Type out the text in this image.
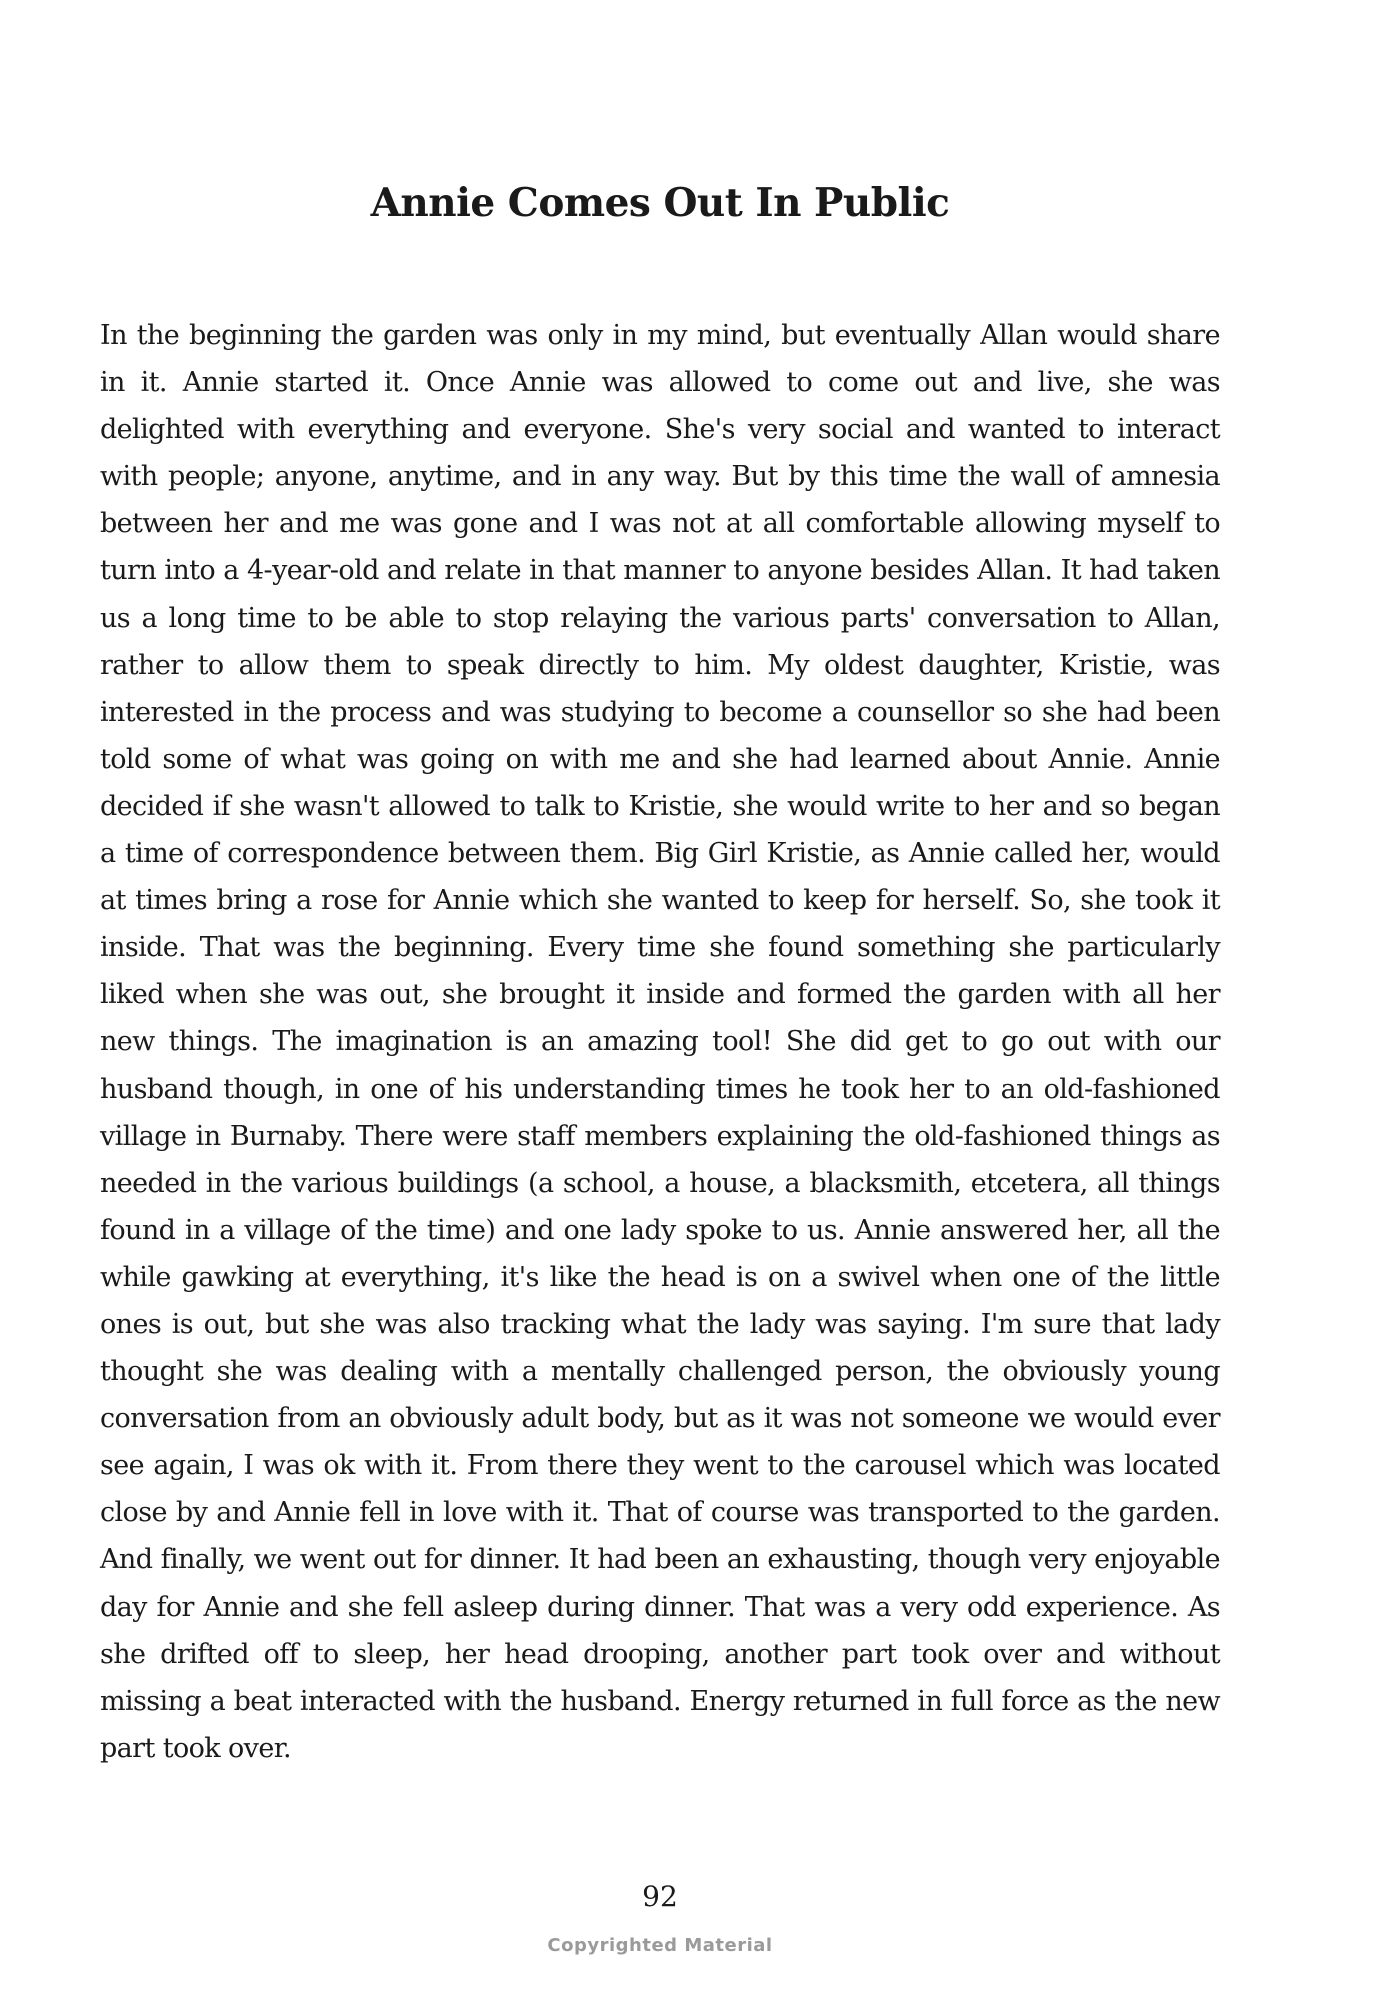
Annie Comes Out In Public

In the beginning the garden was only in my mind, but eventually Allan would share in it. Annie started it. Once Annie was allowed to come out and live, she was delighted with everything and everyone. She's very social and wanted to interact with people; anyone, anytime, and in any way. But by this time the wall of amnesia between her and me was gone and I was not at all comfortable allowing myself to turn into a 4-year-old and relate in that manner to anyone besides Allan. It had taken us a long time to be able to stop relaying the various parts' conversation to Allan, rather to allow them to speak directly to him. My oldest daughter, Kristie, was interested in the process and was studying to become a counsellor so she had been told some of what was going on with me and she had learned about Annie. Annie decided if she wasn't allowed to talk to Kristie, she would write to her and so began a time of correspondence between them. Big Girl Kristie, as Annie called her, would at times bring a rose for Annie which she wanted to keep for herself. So, she took it inside. That was the beginning. Every time she found something she particularly liked when she was out, she brought it inside and formed the garden with all her new things. The imagination is an amazing tool! She did get to go out with our husband though, in one of his understanding times he took her to an old-fashioned village in Burnaby. There were staff members explaining the old-fashioned things as needed in the various buildings (a school, a house, a blacksmith, etcetera, all things found in a village of the time) and one lady spoke to us. Annie answered her, all the while gawking at everything, it's like the head is on a swivel when one of the little ones is out, but she was also tracking what the lady was saying. I'm sure that lady thought she was dealing with a mentally challenged person, the obviously young conversation from an obviously adult body, but as it was not someone we would ever see again, I was ok with it. From there they went to the carousel which was located close by and Annie fell in love with it. That of course was transported to the garden. And finally, we went out for dinner. It had been an exhausting, though very enjoyable day for Annie and she fell asleep during dinner. That was a very odd experience. As she drifted off to sleep, her head drooping, another part took over and without missing a beat interacted with the husband. Energy returned in full force as the new part took over.

92
Copyrighted Material
